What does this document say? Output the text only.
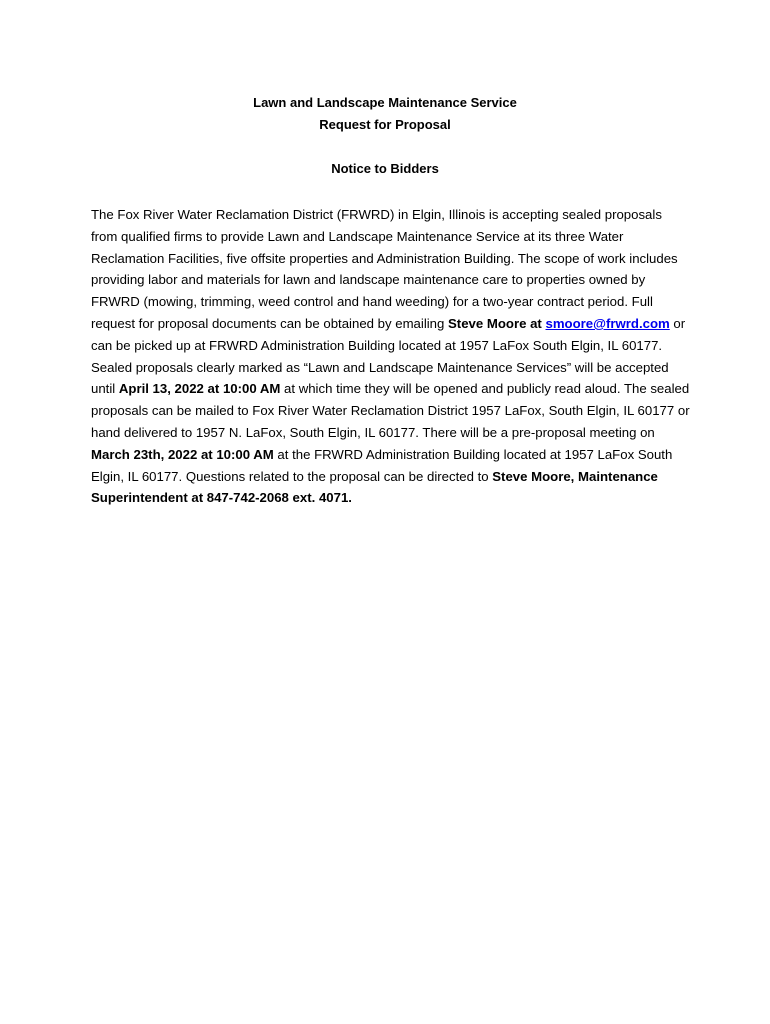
Lawn and Landscape Maintenance Service
Request for Proposal
Notice to Bidders
The Fox River Water Reclamation District (FRWRD) in Elgin, Illinois is accepting sealed proposals from qualified firms to provide Lawn and Landscape Maintenance Service at its three Water Reclamation Facilities, five offsite properties and Administration Building. The scope of work includes providing labor and materials for lawn and landscape maintenance care to properties owned by FRWRD (mowing, trimming, weed control and hand weeding) for a two-year contract period. Full request for proposal documents can be obtained by emailing Steve Moore at smoore@frwrd.com or can be picked up at FRWRD Administration Building located at 1957 LaFox South Elgin, IL 60177. Sealed proposals clearly marked as “Lawn and Landscape Maintenance Services” will be accepted until April 13, 2022 at 10:00 AM at which time they will be opened and publicly read aloud. The sealed proposals can be mailed to Fox River Water Reclamation District 1957 LaFox, South Elgin, IL 60177 or hand delivered to 1957 N. LaFox, South Elgin, IL 60177. There will be a pre-proposal meeting on March 23th, 2022 at 10:00 AM at the FRWRD Administration Building located at 1957 LaFox South Elgin, IL 60177. Questions related to the proposal can be directed to Steve Moore, Maintenance Superintendent at 847-742-2068 ext. 4071.
